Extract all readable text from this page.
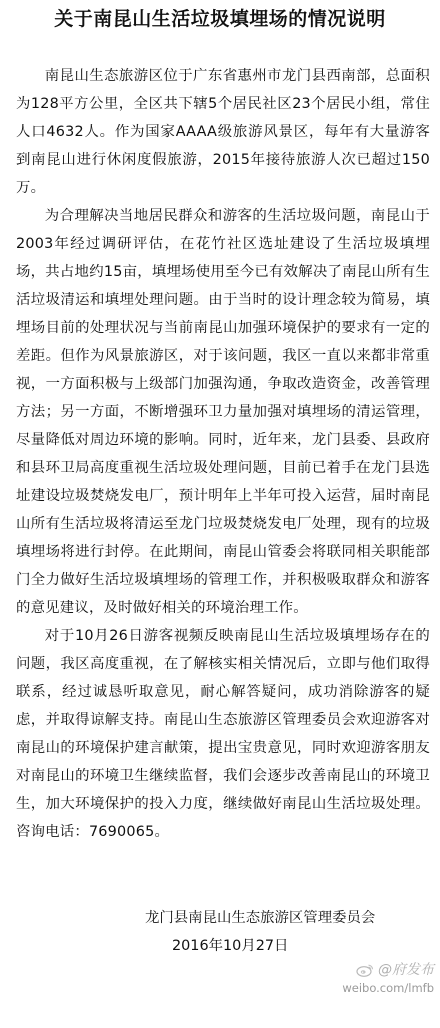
关于南昆山生活垃圾填埋场的情况说明

南昆山生态旅游区位于广东省惠州市龙门县西南部，总面积为128平方公里，全区共下辖5个居民社区23个居民小组，常住人口4632人。作为国家AAAA级旅游风景区，每年有大量游客到南昆山进行休闲度假旅游，2015年接待旅游人次已超过150万。

为合理解决当地居民群众和游客的生活垃圾问题，南昆山于2003年经过调研评估，在花竹社区选址建设了生活垃圾填埋场，共占地约15亩，填埋场使用至今已有效解决了南昆山所有生活垃圾清运和填埋处理问题。由于当时的设计理念较为简易，填埋场目前的处理状况与当前南昆山加强环境保护的要求有一定的差距。但作为风景旅游区，对于该问题，我区一直以来都非常重视，一方面积极与上级部门加强沟通，争取改造资金，改善管理方法；另一方面，不断增强环卫力量加强对填埋场的清运管理，尽量降低对周边环境的影响。同时，近年来，龙门县委、县政府和县环卫局高度重视生活垃圾处理问题，目前已着手在龙门县选址建设垃圾焚烧发电厂，预计明年上半年可投入运营，届时南昆山所有生活垃圾将清运至龙门垃圾焚烧发电厂处理，现有的垃圾填埋场将进行封停。在此期间，南昆山管委会将联同相关职能部门全力做好生活垃圾填埋场的管理工作，并积极吸取群众和游客的意见建议，及时做好相关的环境治理工作。

对于10月26日游客视频反映南昆山生活垃圾填埋场存在的问题，我区高度重视，在了解核实相关情况后，立即与他们取得联系，经过诚恳听取意见，耐心解答疑问，成功消除游客的疑虑，并取得谅解支持。南昆山生态旅游区管理委员会欢迎游客对南昆山的环境保护建言献策，提出宝贵意见，同时欢迎游客朋友对南昆山的环境卫生继续监督，我们会逐步改善南昆山的环境卫生，加大环境保护的投入力度，继续做好南昆山生活垃圾处理。咨询电话：7690065。

龙门县南昆山生态旅游区管理委员会
2016年10月27日
@府发布
weibo.com/lmfb
